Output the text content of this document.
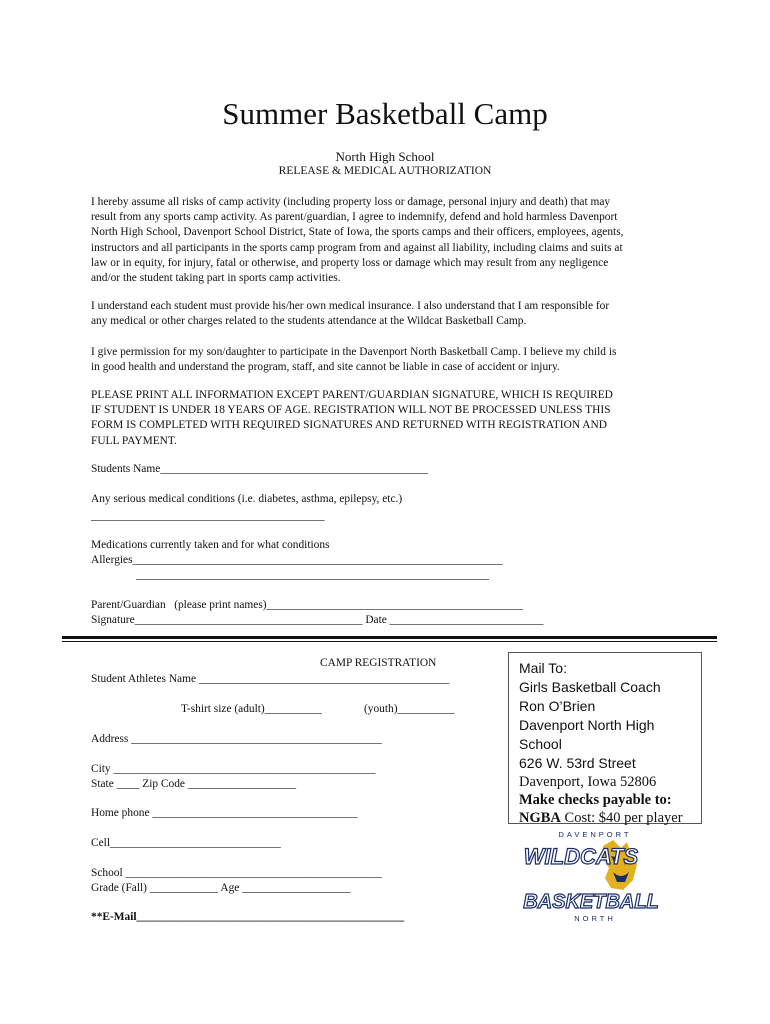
Summer Basketball Camp
North High School
RELEASE & MEDICAL AUTHORIZATION
I hereby assume all risks of camp activity (including property loss or damage, personal injury and death) that may
result from any sports camp activity. As parent/guardian, I agree to indemnify, defend and hold harmless Davenport
North High School, Davenport School District, State of Iowa, the sports camps and their officers, employees, agents,
instructors and all participants in the sports camp program from and against all liability, including claims and suits at
law or in equity, for injury, fatal or otherwise, and property loss or damage which may result from any negligence
and/or the student taking part in sports camp activities.
I understand each student must provide his/her own medical insurance. I also understand that I am responsible for
any medical or other charges related to the students attendance at the Wildcat Basketball Camp.
I give permission for my son/daughter to participate in the Davenport North Basketball Camp. I believe my child is
in good health and understand the program, staff, and site cannot be liable in case of accident or injury.
PLEASE PRINT ALL INFORMATION EXCEPT PARENT/GUARDIAN SIGNATURE, WHICH IS REQUIRED
IF STUDENT IS UNDER 18 YEARS OF AGE. REGISTRATION WILL NOT BE PROCESSED UNLESS THIS
FORM IS COMPLETED WITH REQUIRED SIGNATURES AND RETURNED WITH REGISTRATION AND
FULL PAYMENT.
Students Name_______________________________________________
Any serious medical conditions (i.e. diabetes, asthma, epilepsy, etc.)
_________________________________________
Medications currently taken and for what conditions
Allergies_________________________________________________________________
______________________________________________________________
Parent/Guardian   (please print names)_____________________________________________
Signature________________________________________ Date ___________________________
CAMP REGISTRATION
Student Athletes Name ____________________________________________
T-shirt size (adult)__________	(youth)__________
Address ____________________________________________
City ______________________________________________
State ____ Zip Code ___________________
Home phone ____________________________________
Cell______________________________
School _____________________________________________
Grade (Fall) ____________ Age ___________________
**E-Mail_______________________________________________
Mail To:
Girls Basketball Coach
Ron O’Brien
Davenport North High School
626 W. 53rd Street
Davenport, Iowa 52806
Make checks payable to:
NGBA Cost: $40 per player
DAVENPORT
WILDCATS
BASKETBALL
NORTH
